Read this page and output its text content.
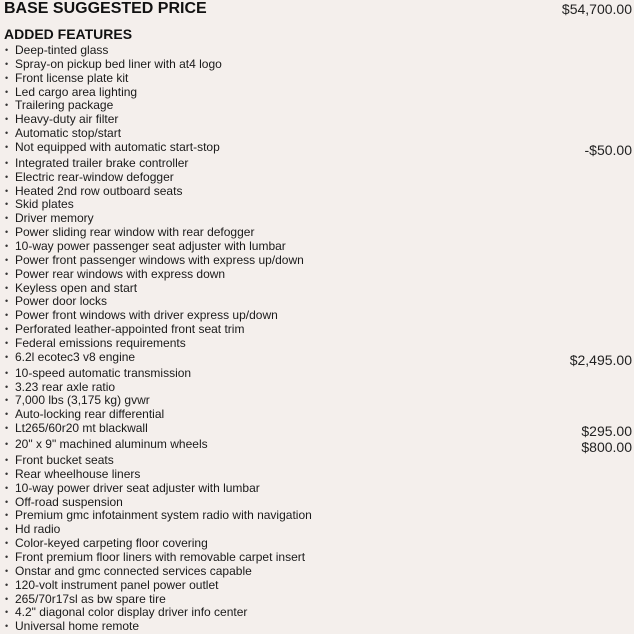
BASE SUGGESTED PRICE	$54,700.00
ADDED FEATURES
• Deep-tinted glass
• Spray-on pickup bed liner with at4 logo
• Front license plate kit
• Led cargo area lighting
• Trailering package
• Heavy-duty air filter
• Automatic stop/start
• Not equipped with automatic start-stop	-$50.00
• Integrated trailer brake controller
• Electric rear-window defogger
• Heated 2nd row outboard seats
• Skid plates
• Driver memory
• Power sliding rear window with rear defogger
• 10-way power passenger seat adjuster with lumbar
• Power front passenger windows with express up/down
• Power rear windows with express down
• Keyless open and start
• Power door locks
• Power front windows with driver express up/down
• Perforated leather-appointed front seat trim
• Federal emissions requirements
• 6.2l ecotec3 v8 engine	$2,495.00
• 10-speed automatic transmission
• 3.23 rear axle ratio
• 7,000 lbs (3,175 kg) gvwr
• Auto-locking rear differential
• Lt265/60r20 mt blackwall	$295.00
• 20" x 9" machined aluminum wheels	$800.00
• Front bucket seats
• Rear wheelhouse liners
• 10-way power driver seat adjuster with lumbar
• Off-road suspension
• Premium gmc infotainment system radio with navigation
• Hd radio
• Color-keyed carpeting floor covering
• Front premium floor liners with removable carpet insert
• Onstar and gmc connected services capable
• 120-volt instrument panel power outlet
• 265/70r17sl as bw spare tire
• 4.2" diagonal color display driver info center
• Universal home remote
